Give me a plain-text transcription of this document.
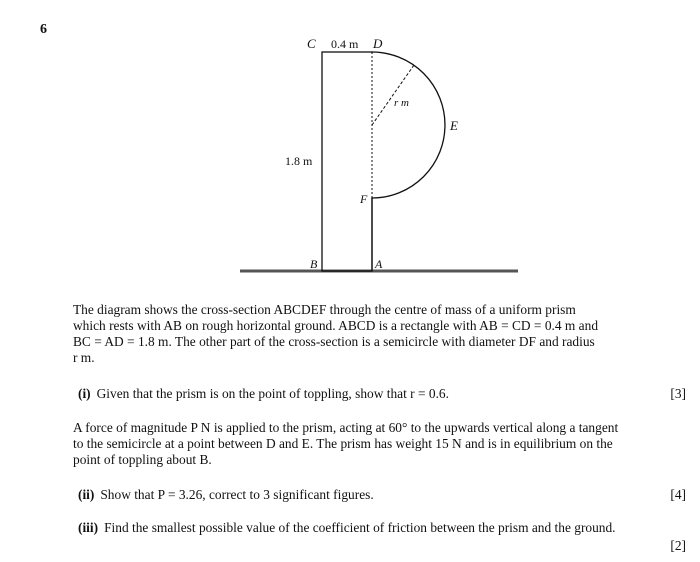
6
C 0.4 m D
r m
E
1.8 m
F
B	A
The diagram shows the cross-section ABCDEF through the centre of mass of a uniform prism
which rests with AB on rough horizontal ground. ABCD is a rectangle with AB = CD = 0.4 m and
BC = AD = 1.8 m. The other part of the cross-section is a semicircle with diameter DF and radius
r m.
(i) Given that the prism is on the point of toppling, show that r = 0.6.	[3]
A force of magnitude P N is applied to the prism, acting at 60° to the upwards vertical along a tangent
to the semicircle at a point between D and E. The prism has weight 15 N and is in equilibrium on the
point of toppling about B.
(ii) Show that P = 3.26, correct to 3 significant figures.	[4]
(iii) Find the smallest possible value of the coefficient of friction between the prism and the ground.
[2]
